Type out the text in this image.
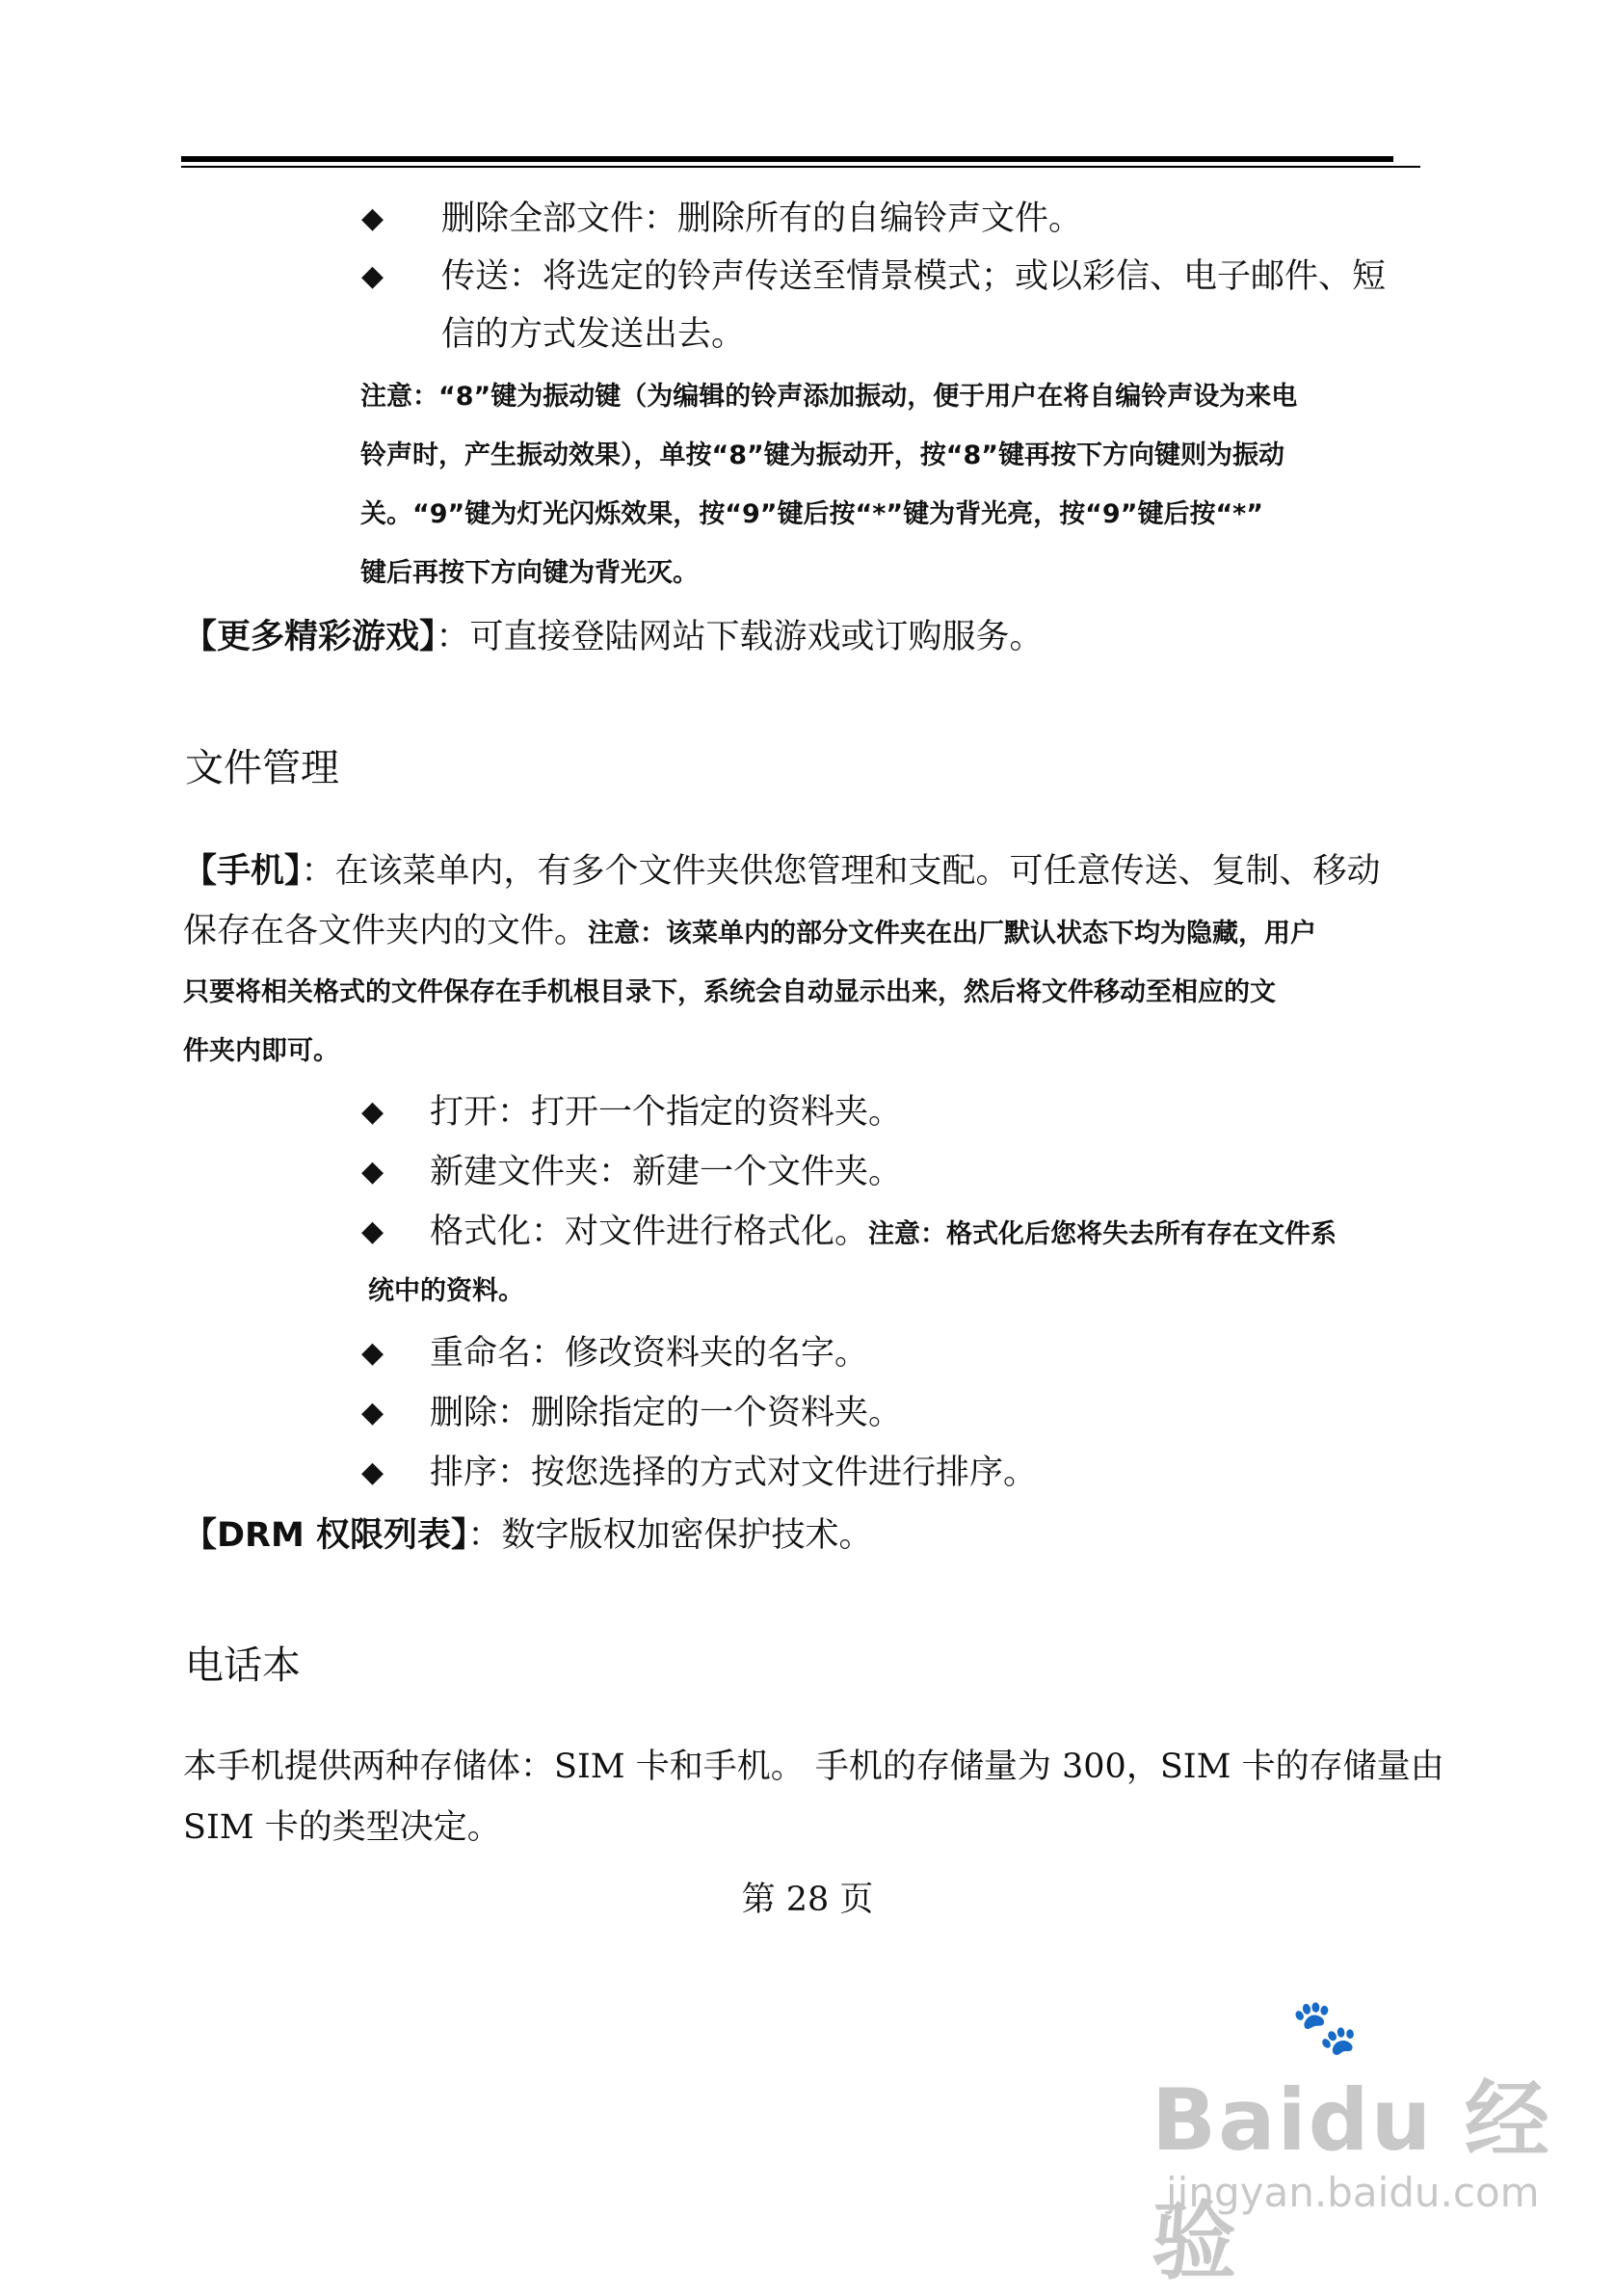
◆ 删除全部文件：删除所有的自编铃声文件。
◆ 传送：将选定的铃声传送至情景模式；或以彩信、电子邮件、短
信的方式发送出去。
注意：“8”键为振动键（为编辑的铃声添加振动，便于用户在将自编铃声设为来电
铃声时，产生振动效果），单按“8”键为振动开，按“8”键再按下方向键则为振动
关。“9”键为灯光闪烁效果，按“9”键后按“*”键为背光亮，按“9”键后按“*”
键后再按下方向键为背光灭。
【更多精彩游戏】：可直接登陆网站下载游戏或订购服务。
文件管理
【手机】：在该菜单内，有多个文件夹供您管理和支配。可任意传送、复制、移动
保存在各文件夹内的文件。注意：该菜单内的部分文件夹在出厂默认状态下均为隐藏，用户
只要将相关格式的文件保存在手机根目录下，系统会自动显示出来，然后将文件移动至相应的文
件夹内即可。
◆ 打开：打开一个指定的资料夹。
◆ 新建文件夹：新建一个文件夹。
◆ 格式化：对文件进行格式化。注意：格式化后您将失去所有存在文件系
统中的资料。
◆ 重命名：修改资料夹的名字。
◆ 删除：删除指定的一个资料夹。
◆ 排序：按您选择的方式对文件进行排序。
【DRM 权限列表】：数字版权加密保护技术。
电话本
本手机提供两种存储体：SIM 卡和手机。 手机的存储量为 300，SIM 卡的存储量由
SIM 卡的类型决定。
第 28 页
🐾
Baidu 经验
jingyan.baidu.com
